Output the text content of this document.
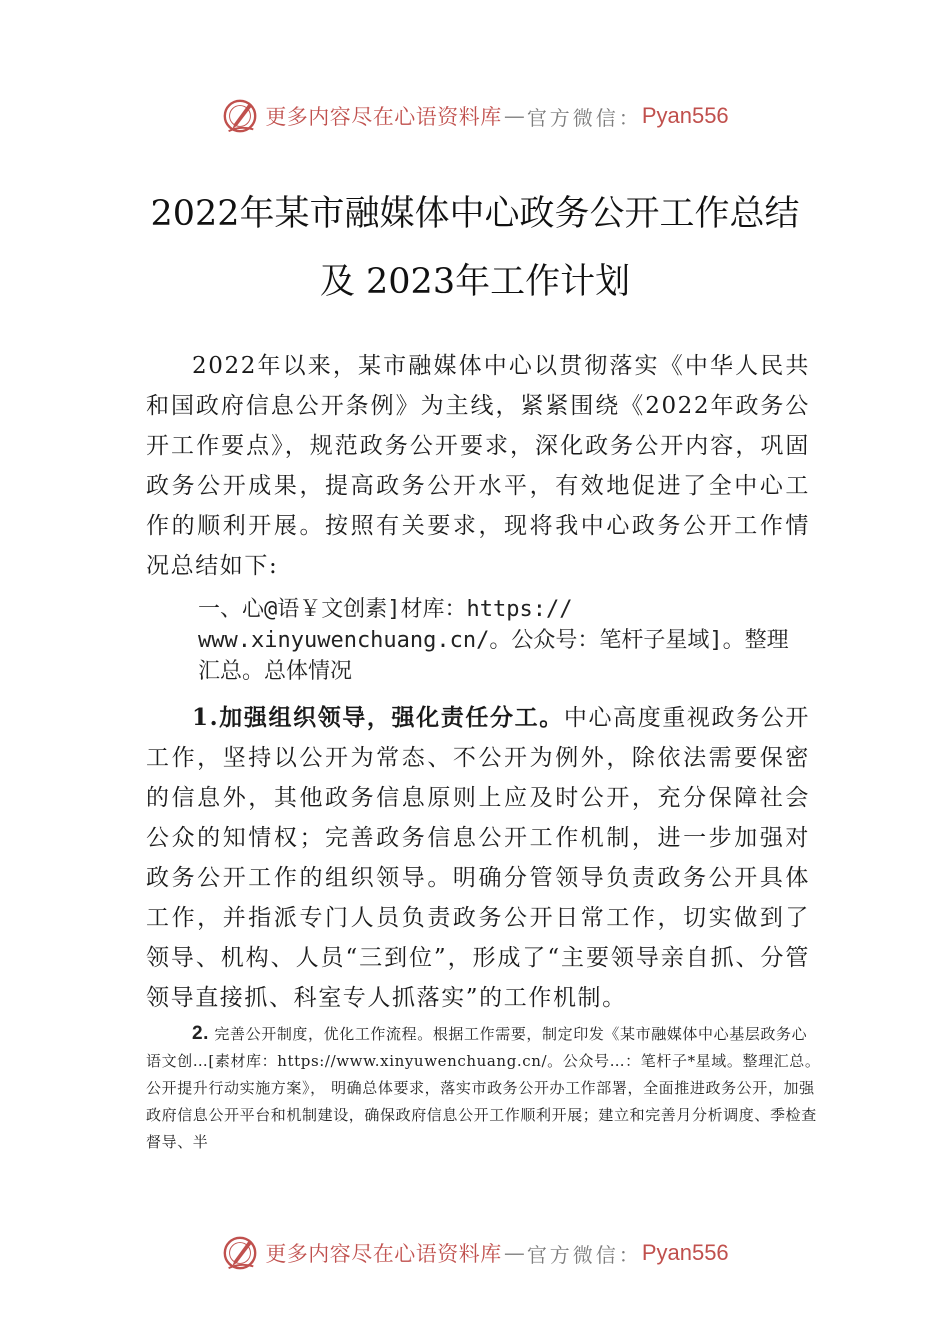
更多内容尽在心语资料库 — 官方微信： Pyan556
2022年某市融媒体中心政务公开工作总结
及 2023年工作计划
2022年以来，某市融媒体中心以贯彻落实《中华人民共和国政府信息公开条例》为主线，紧紧围绕《2022年政务公开工作要点》，规范政务公开要求，深化政务公开内容，巩固政务公开成果，提高政务公开水平，有效地促进了全中心工作的顺利开展。按照有关要求，现将我中心政务公开工作情况总结如下:
一、心@语￥文创素]材库：https://
www.xinyuwenchuang.cn/。公众号：笔杆子星域]。整理
汇总。总体情况
1.加强组织领导，强化责任分工。中心高度重视政务公开工作，坚持以公开为常态、不公开为例外，除依法需要保密的信息外，其他政务信息原则上应及时公开，充分保障社会公众的知情权；完善政务信息公开工作机制，进一步加强对政务公开工作的组织领导。明确分管领导负责政务公开具体工作，并指派专门人员负责政务公开日常工作，切实做到了领导、机构、人员“三到位”，形成了“主要领导亲自抓、分管领导直接抓、科室专人抓落实”的工作机制。
2. 完善公开制度，优化工作流程。根据工作需要，制定印发《某市融媒体中心基层政务心语文创…[素材库：https://www.xinyuwenchuang.cn/。公众号…：笔杆子*星域。整理汇总。公开提升行动实施方案》， 明确总体要求，落实市政务公开办工作部署，全面推进政务公开，加强政府信息公开平台和机制建设，确保政府信息公开工作顺利开展；建立和完善月分析调度、季检查督导、半
更多内容尽在心语资料库 — 官方微信： Pyan556
